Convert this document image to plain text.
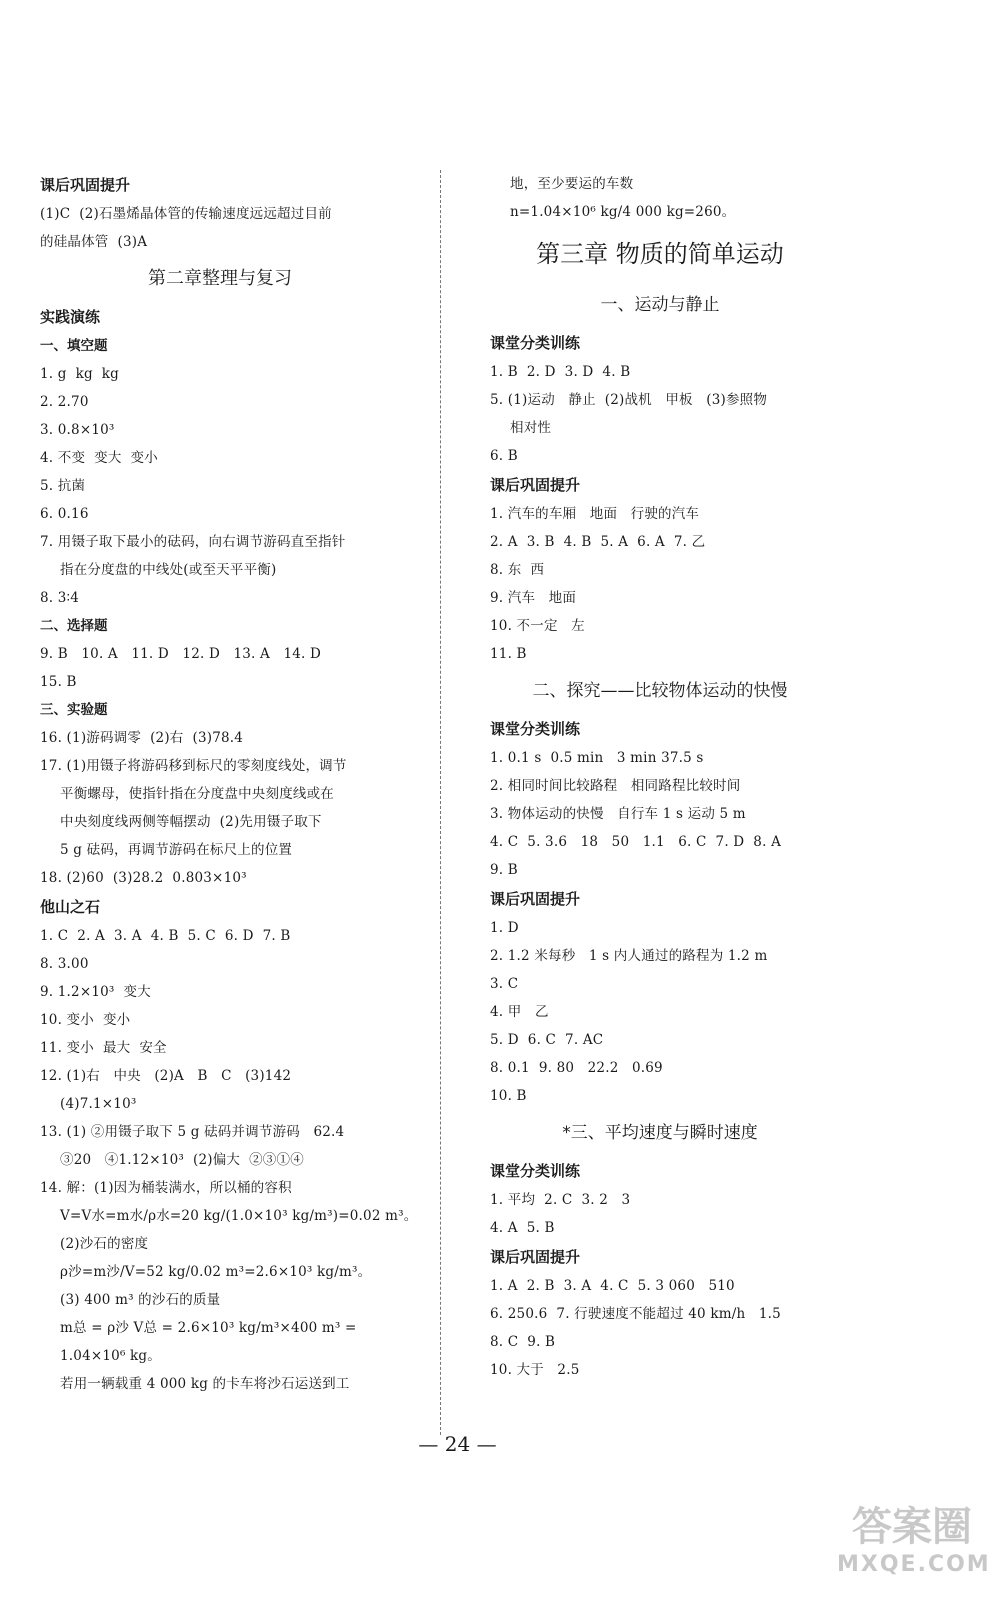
课后巩固提升
(1)C  (2)石墨烯晶体管的传输速度远远超过目前
的硅晶体管  (3)A
第二章整理与复习
实践演练
一、填空题
1. g  kg  kg
2. 2.70
3. 0.8×10³
4. 不变  变大  变小
5. 抗菌
6. 0.16
7. 用镊子取下最小的砝码，向右调节游码直至指针
指在分度盘的中线处(或至天平平衡)
8. 3∶4
二、选择题
9. B   10. A   11. D   12. D   13. A   14. D
15. B
三、实验题
16. (1)游码调零  (2)右  (3)78.4
17. (1)用镊子将游码移到标尺的零刻度线处，调节
平衡螺母，使指针指在分度盘中央刻度线或在
中央刻度线两侧等幅摆动  (2)先用镊子取下
5 g 砝码，再调节游码在标尺上的位置
18. (2)60  (3)28.2  0.803×10³
他山之石
1. C  2. A  3. A  4. B  5. C  6. D  7. B
8. 3.00
9. 1.2×10³  变大
10. 变小  变小
11. 变小  最大  安全
12. (1)右   中央   (2)A   B   C   (3)142
(4)7.1×10³
13. (1) ②用镊子取下 5 g 砝码并调节游码   62.4
③20   ④1.12×10³  (2)偏大  ②③①④
14. 解：(1)因为桶装满水，所以桶的容积
V=V水=m水/ρ水=20 kg/(1.0×10³ kg/m³)=0.02 m³。
(2)沙石的密度
ρ沙=m沙/V=52 kg/0.02 m³=2.6×10³ kg/m³。
(3) 400 m³ 的沙石的质量
m总 = ρ沙 V总 = 2.6×10³ kg/m³×400 m³ =
1.04×10⁶ kg。
若用一辆载重 4 000 kg 的卡车将沙石运送到工
地，至少要运的车数
n=1.04×10⁶ kg/4 000 kg=260。
第三章 物质的简单运动
一、运动与静止
课堂分类训练
1. B  2. D  3. D  4. B
5. (1)运动   静止  (2)战机   甲板   (3)参照物
相对性
6. B
课后巩固提升
1. 汽车的车厢   地面   行驶的汽车
2. A  3. B  4. B  5. A  6. A  7. 乙
8. 东  西
9. 汽车   地面
10. 不一定   左
11. B
二、探究——比较物体运动的快慢
课堂分类训练
1. 0.1 s  0.5 min   3 min 37.5 s
2. 相同时间比较路程   相同路程比较时间
3. 物体运动的快慢   自行车 1 s 运动 5 m
4. C  5. 3.6   18   50   1.1   6. C  7. D  8. A
9. B
课后巩固提升
1. D
2. 1.2 米每秒   1 s 内人通过的路程为 1.2 m
3. C
4. 甲   乙
5. D  6. C  7. AC
8. 0.1  9. 80   22.2   0.69
10. B
*三、平均速度与瞬时速度
课堂分类训练
1. 平均  2. C  3. 2   3
4. A  5. B
课后巩固提升
1. A  2. B  3. A  4. C  5. 3 060   510
6. 250.6  7. 行驶速度不能超过 40 km/h   1.5
8. C  9. B
10. 大于   2.5
— 24 —
答案圈
MXQE.COM
